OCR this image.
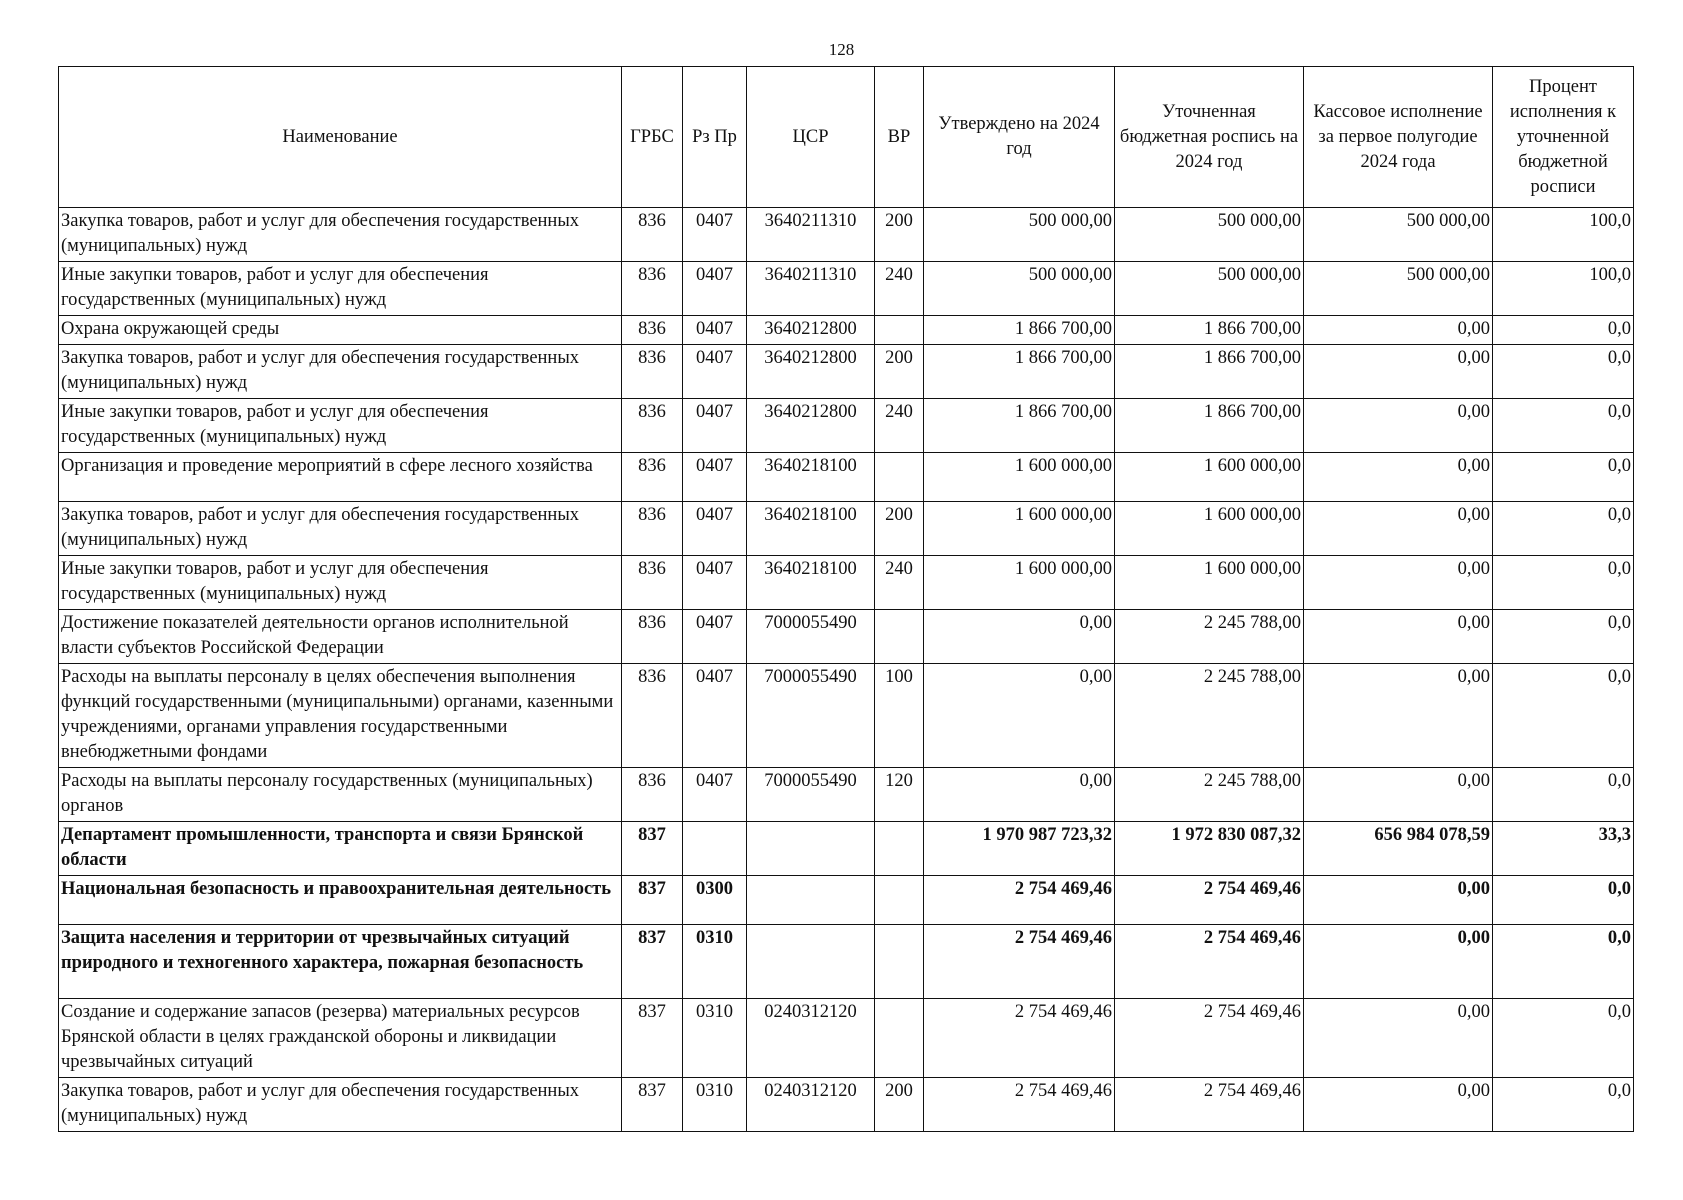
128
Наименование	ГРБС	Рз Пр	ЦСР	ВР	Утверждено на 2024 год	Уточненная бюджетная роспись на 2024 год	Кассовое исполнение за первое полугодие 2024 года	Процент исполнения к уточненной бюджетной росписи
Закупка товаров, работ и услуг для обеспечения государственных (муниципальных) нужд	836	0407	3640211310	200	500 000,00	500 000,00	500 000,00	100,0
Иные закупки товаров, работ и услуг для обеспечения государственных (муниципальных) нужд	836	0407	3640211310	240	500 000,00	500 000,00	500 000,00	100,0
Охрана окружающей среды	836	0407	3640212800		1 866 700,00	1 866 700,00	0,00	0,0
Закупка товаров, работ и услуг для обеспечения государственных (муниципальных) нужд	836	0407	3640212800	200	1 866 700,00	1 866 700,00	0,00	0,0
Иные закупки товаров, работ и услуг для обеспечения государственных (муниципальных) нужд	836	0407	3640212800	240	1 866 700,00	1 866 700,00	0,00	0,0
Организация и проведение мероприятий в сфере лесного хозяйства	836	0407	3640218100		1 600 000,00	1 600 000,00	0,00	0,0
Закупка товаров, работ и услуг для обеспечения государственных (муниципальных) нужд	836	0407	3640218100	200	1 600 000,00	1 600 000,00	0,00	0,0
Иные закупки товаров, работ и услуг для обеспечения государственных (муниципальных) нужд	836	0407	3640218100	240	1 600 000,00	1 600 000,00	0,00	0,0
Достижение показателей деятельности органов исполнительной власти субъектов Российской Федерации	836	0407	7000055490		0,00	2 245 788,00	0,00	0,0
Расходы на выплаты персоналу в целях обеспечения выполнения функций государственными (муниципальными) органами, казенными учреждениями, органами управления государственными внебюджетными фондами	836	0407	7000055490	100	0,00	2 245 788,00	0,00	0,0
Расходы на выплаты персоналу государственных (муниципальных) органов	836	0407	7000055490	120	0,00	2 245 788,00	0,00	0,0
Департамент промышленности, транспорта и связи Брянской области	837				1 970 987 723,32	1 972 830 087,32	656 984 078,59	33,3
Национальная безопасность и правоохранительная деятельность	837	0300			2 754 469,46	2 754 469,46	0,00	0,0
Защита населения и территории от чрезвычайных ситуаций природного и техногенного характера, пожарная безопасность	837	0310			2 754 469,46	2 754 469,46	0,00	0,0
Создание и содержание запасов (резерва) материальных ресурсов Брянской области в целях гражданской обороны и ликвидации чрезвычайных ситуаций	837	0310	0240312120		2 754 469,46	2 754 469,46	0,00	0,0
Закупка товаров, работ и услуг для обеспечения государственных (муниципальных) нужд	837	0310	0240312120	200	2 754 469,46	2 754 469,46	0,00	0,0
